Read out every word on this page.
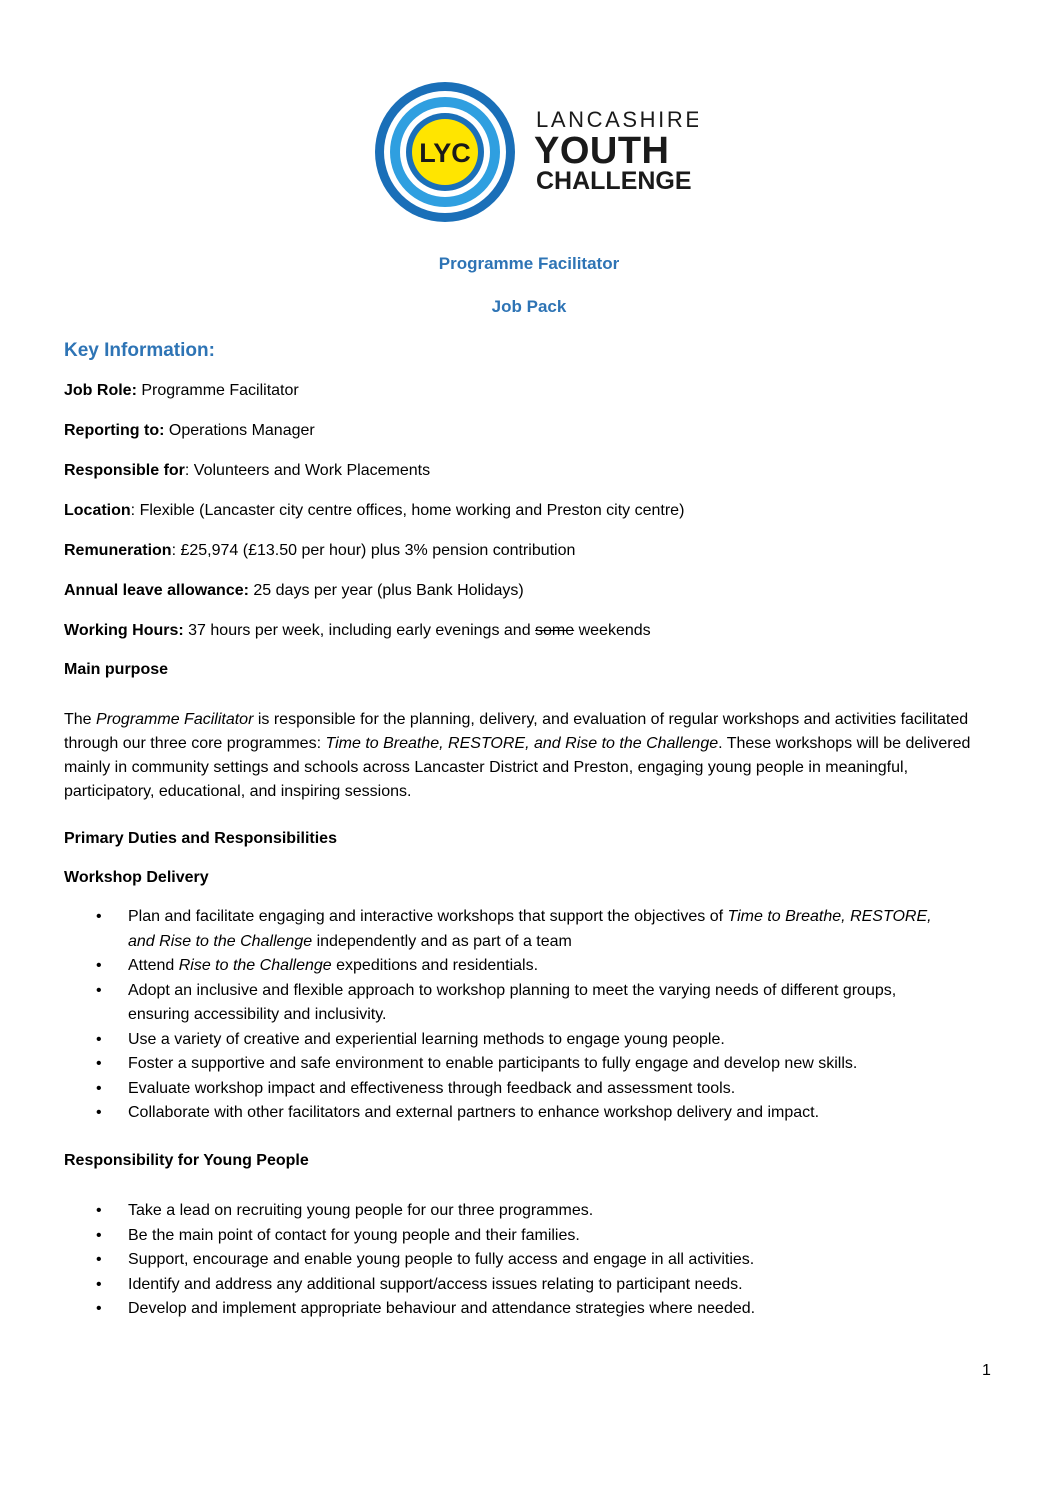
LYC
LANCASHIRE
YOUTH
CHALLENGE
Programme Facilitator
Job Pack
Key Information:
Job Role: Programme Facilitator
Reporting to: Operations Manager
Responsible for: Volunteers and Work Placements
Location: Flexible (Lancaster city centre offices, home working and Preston city centre)
Remuneration: £25,974 (£13.50 per hour) plus 3% pension contribution
Annual leave allowance: 25 days per year (plus Bank Holidays)
Working Hours: 37 hours per week, including early evenings and some weekends
Main purpose
The Programme Facilitator is responsible for the planning, delivery, and evaluation of regular workshops and activities facilitated through our three core programmes: Time to Breathe, RESTORE, and Rise to the Challenge. These workshops will be delivered mainly in community settings and schools across Lancaster District and Preston, engaging young people in meaningful, participatory, educational, and inspiring sessions.
Primary Duties and Responsibilities
Workshop Delivery
•	Plan and facilitate engaging and interactive workshops that support the objectives of Time to Breathe, RESTORE, and Rise to the Challenge independently and as part of a team
•	Attend Rise to the Challenge expeditions and residentials.
•	Adopt an inclusive and flexible approach to workshop planning to meet the varying needs of different groups, ensuring accessibility and inclusivity.
•	Use a variety of creative and experiential learning methods to engage young people.
•	Foster a supportive and safe environment to enable participants to fully engage and develop new skills.
•	Evaluate workshop impact and effectiveness through feedback and assessment tools.
•	Collaborate with other facilitators and external partners to enhance workshop delivery and impact.
Responsibility for Young People
•	Take a lead on recruiting young people for our three programmes.
•	Be the main point of contact for young people and their families.
•	Support, encourage and enable young people to fully access and engage in all activities.
•	Identify and address any additional support/access issues relating to participant needs.
•	Develop and implement appropriate behaviour and attendance strategies where needed.
1
